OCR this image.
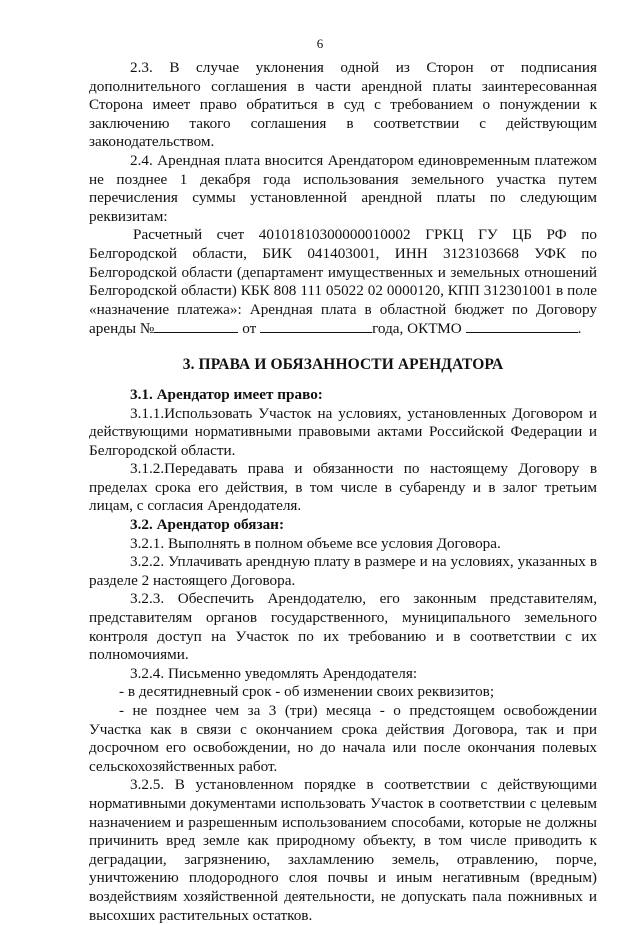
6

2.3. В случае уклонения одной из Сторон от подписания дополнительного соглашения в части арендной платы заинтересованная Сторона имеет право обратиться в суд с требованием о понуждении к заключению такого соглашения в соответствии с действующим законодательством.

2.4. Арендная плата вносится Арендатором единовременным платежом не позднее 1 декабря года использования земельного участка путем перечисления суммы установленной арендной платы по следующим реквизитам:

Расчетный счет 40101810300000010002 ГРКЦ ГУ ЦБ РФ по Белгородской области, БИК 041403001, ИНН 3123103668 УФК по Белгородской области (департамент имущественных и земельных отношений Белгородской области) КБК 808 111 05022 02 0000120, КПП 312301001 в поле «назначение платежа»: Арендная плата в областной бюджет по Договору аренды №	от	года, ОКТМО	.

3. ПРАВА И ОБЯЗАННОСТИ АРЕНДАТОРА

3.1. Арендатор имеет право:

3.1.1.Использовать Участок на условиях, установленных Договором и действующими нормативными правовыми актами Российской Федерации и Белгородской области.

3.1.2.Передавать права и обязанности по настоящему Договору в пределах срока его действия, в том числе в субаренду и в залог третьим лицам, с согласия Арендодателя.

3.2. Арендатор обязан:

3.2.1. Выполнять в полном объеме все условия Договора.

3.2.2. Уплачивать арендную плату в размере и на условиях, указанных в разделе 2 настоящего Договора.

3.2.3. Обеспечить Арендодателю, его законным представителям, представителям органов государственного, муниципального земельного контроля доступ на Участок по их требованию и в соответствии с их полномочиями.

3.2.4. Письменно уведомлять Арендодателя:

- в десятидневный срок - об изменении своих реквизитов;

- не позднее чем за 3 (три) месяца - о предстоящем освобождении Участка как в связи с окончанием срока действия Договора, так и при досрочном его освобождении, но до начала или после окончания полевых сельскохозяйственных работ.

3.2.5. В установленном порядке в соответствии с действующими нормативными документами использовать Участок в соответствии с целевым назначением и разрешенным использованием способами, которые не должны причинить вред земле как природному объекту, в том числе приводить к деградации, загрязнению, захламлению земель, отравлению, порче, уничтожению плодородного слоя почвы и иным негативным (вредным) воздействиям хозяйственной деятельности, не допускать пала пожнивных и высохших растительных остатков.
